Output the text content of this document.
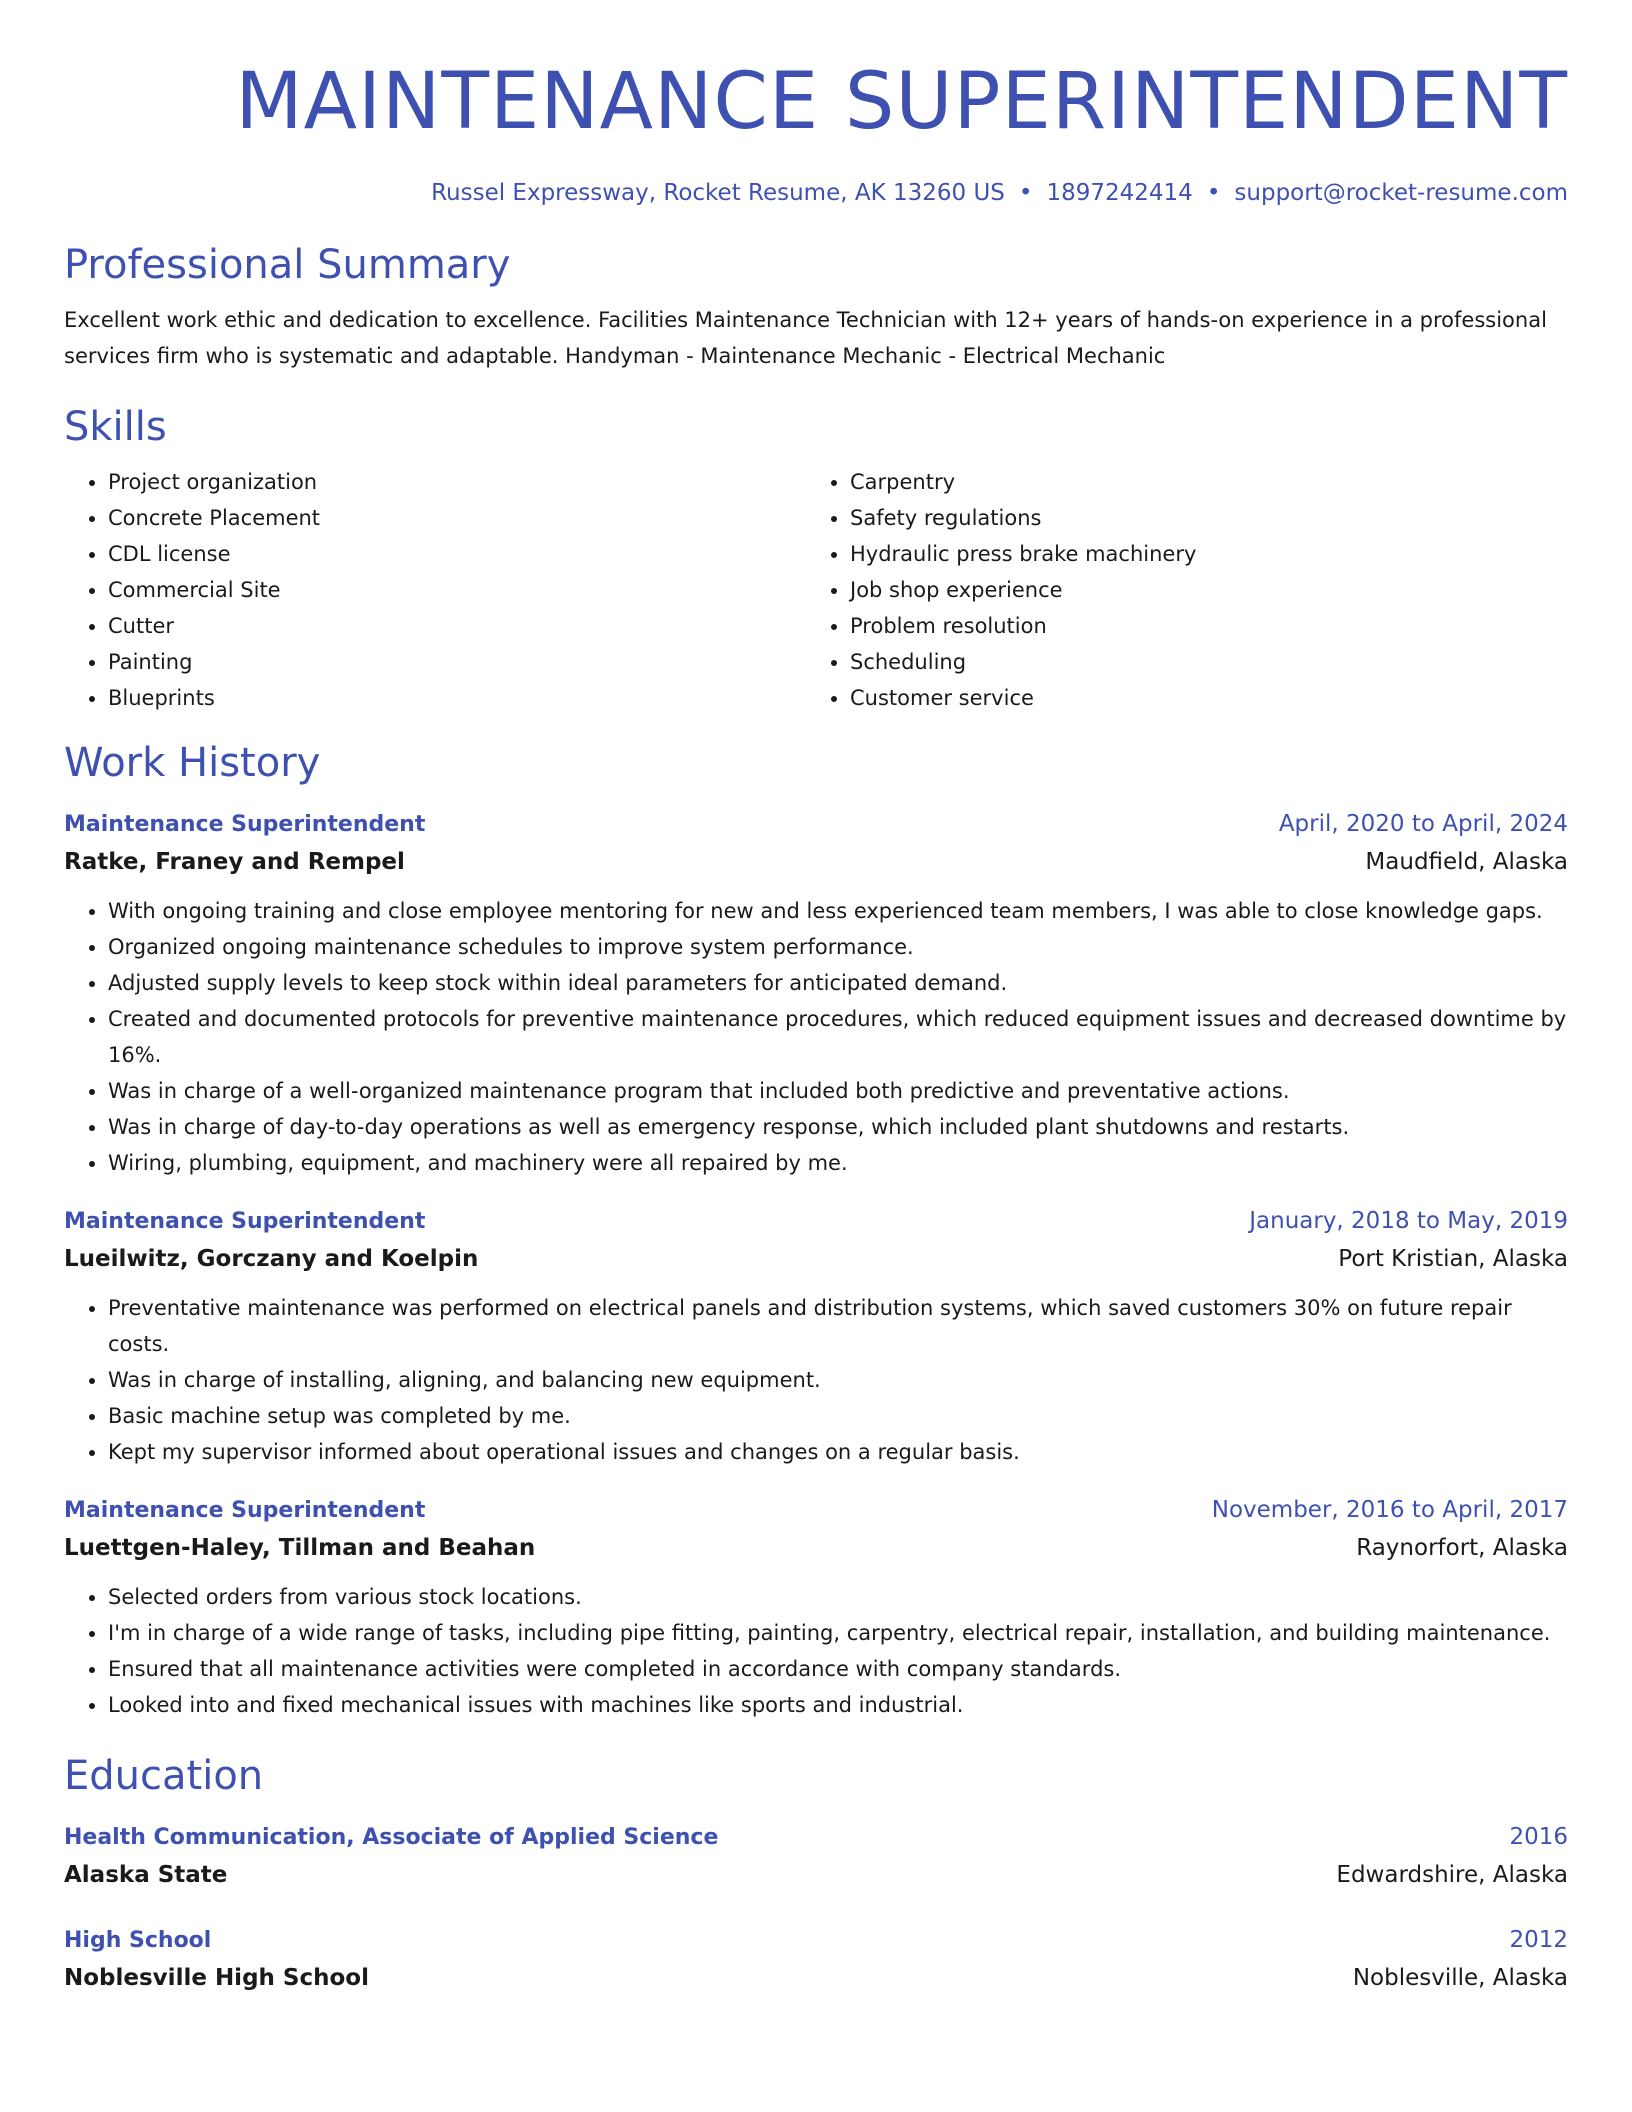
MAINTENANCE SUPERINTENDENT
Russel Expressway, Rocket Resume, AK 13260 US • 1897242414 • support@rocket-resume.com
Professional Summary

Excellent work ethic and dedication to excellence. Facilities Maintenance Technician with 12+ years of hands-on experience in a professional services firm who is systematic and adaptable. Handyman - Maintenance Mechanic - Electrical Mechanic

Skills
• Project organization
• Concrete Placement
• CDL license
• Commercial Site
• Cutter
• Painting
• Blueprints
• Carpentry
• Safety regulations
• Hydraulic press brake machinery
• Job shop experience
• Problem resolution
• Scheduling
• Customer service
Work History
Maintenance Superintendent	April, 2020 to April, 2024
Ratke, Franey and Rempel	Maudfield, Alaska
• With ongoing training and close employee mentoring for new and less experienced team members, I was able to close knowledge gaps.
• Organized ongoing maintenance schedules to improve system performance.
• Adjusted supply levels to keep stock within ideal parameters for anticipated demand.
• Created and documented protocols for preventive maintenance procedures, which reduced equipment issues and decreased downtime by 16%.
• Was in charge of a well-organized maintenance program that included both predictive and preventative actions.
• Was in charge of day-to-day operations as well as emergency response, which included plant shutdowns and restarts.
• Wiring, plumbing, equipment, and machinery were all repaired by me.
Maintenance Superintendent	January, 2018 to May, 2019
Lueilwitz, Gorczany and Koelpin	Port Kristian, Alaska
• Preventative maintenance was performed on electrical panels and distribution systems, which saved customers 30% on future repair costs.
• Was in charge of installing, aligning, and balancing new equipment.
• Basic machine setup was completed by me.
• Kept my supervisor informed about operational issues and changes on a regular basis.
Maintenance Superintendent	November, 2016 to April, 2017
Luettgen-Haley, Tillman and Beahan	Raynorfort, Alaska
• Selected orders from various stock locations.
• I'm in charge of a wide range of tasks, including pipe fitting, painting, carpentry, electrical repair, installation, and building maintenance.
• Ensured that all maintenance activities were completed in accordance with company standards.
• Looked into and fixed mechanical issues with machines like sports and industrial.
Education
Health Communication, Associate of Applied Science	2016
Alaska State	Edwardshire, Alaska
High School	2012
Noblesville High School	Noblesville, Alaska
